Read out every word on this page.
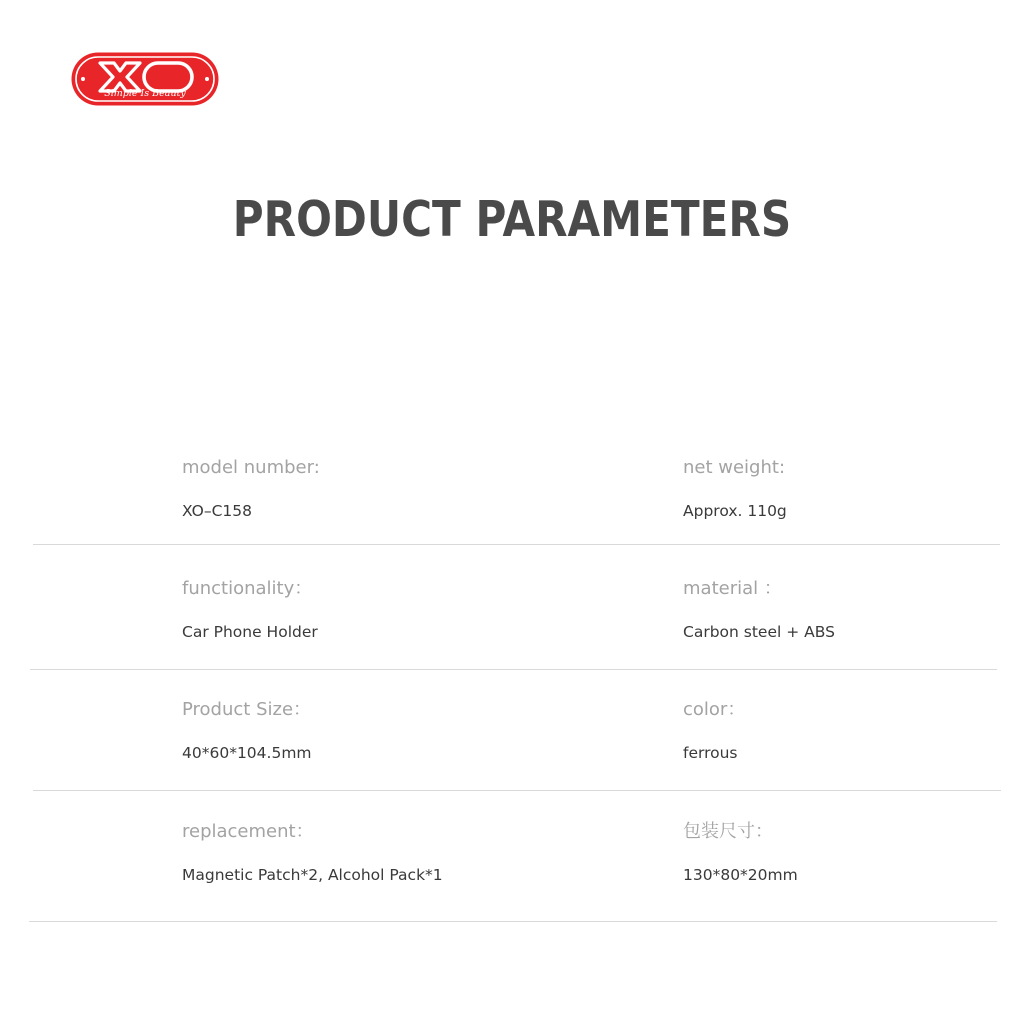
Simple Is Beauty
PRODUCT PARAMETERS
model number:
XO–C158
net weight:
Approx. 110g
functionality：
Car Phone Holder
material ：
Carbon steel + ABS
Product Size：
40*60*104.5mm
color：
ferrous
replacement：
Magnetic Patch*2, Alcohol Pack*1
包装尺寸：
130*80*20mm
